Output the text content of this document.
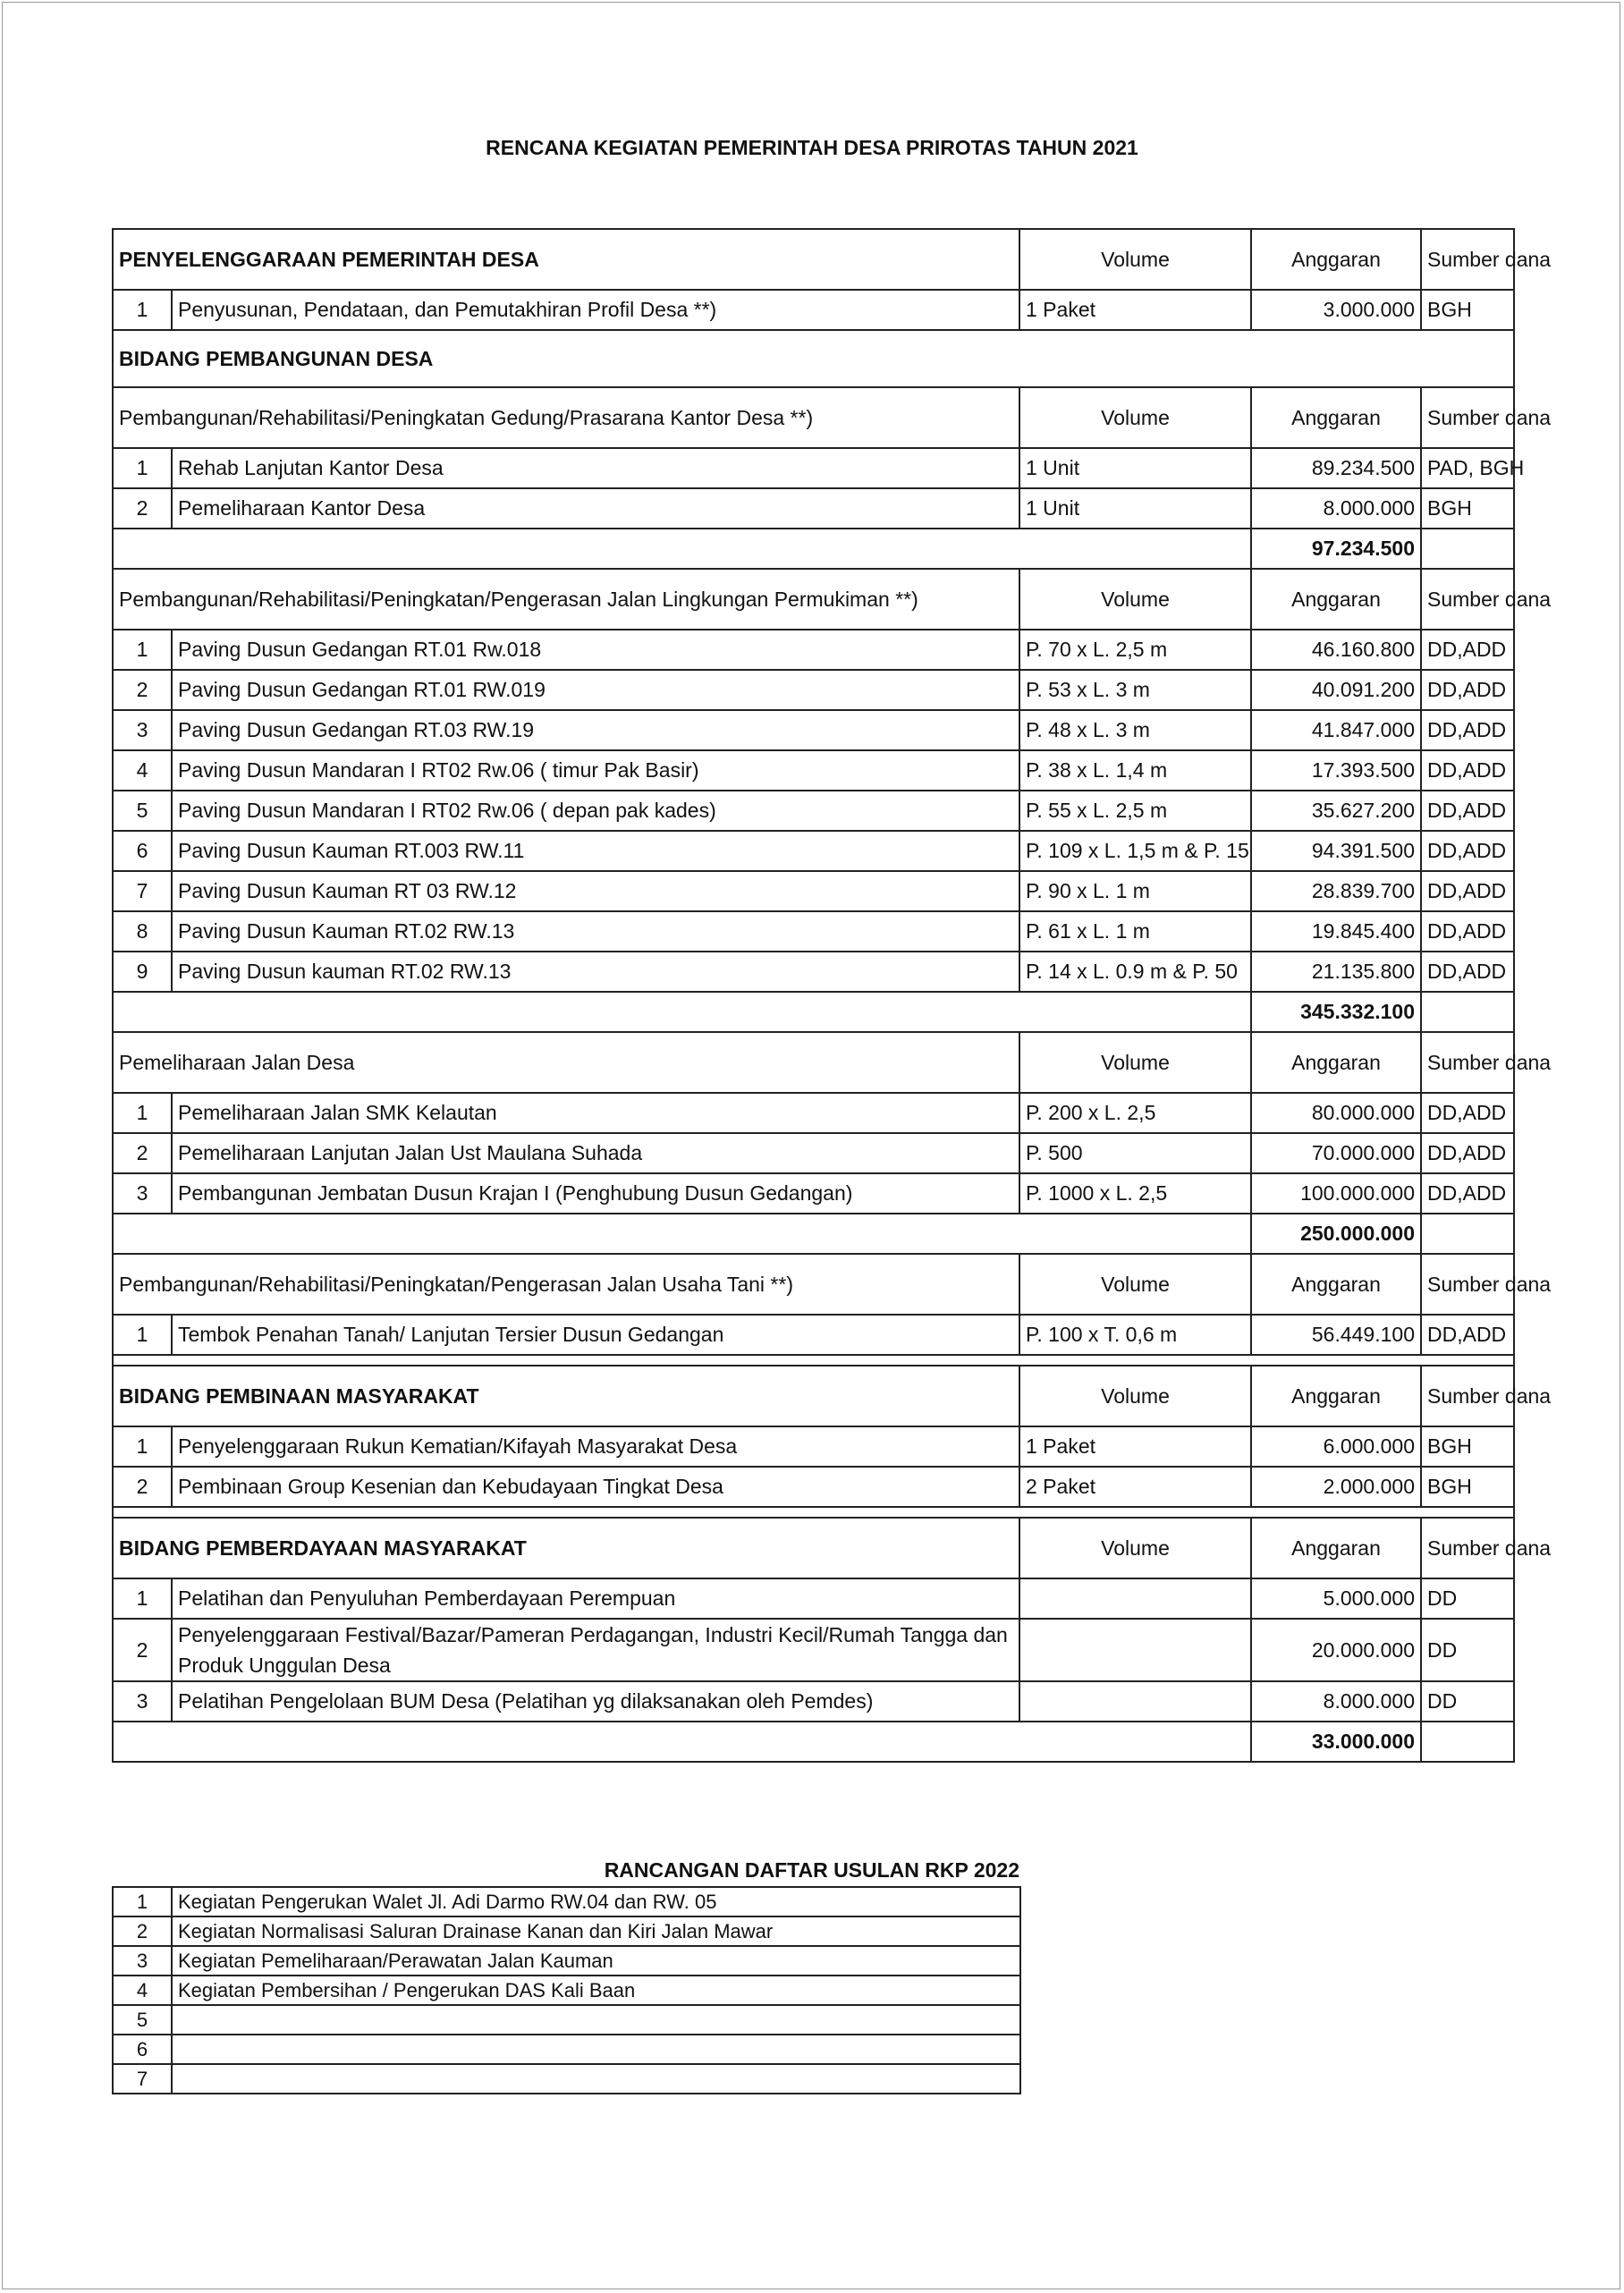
RENCANA KEGIATAN PEMERINTAH DESA PRIROTAS TAHUN 2021
PENYELENGGARAAN PEMERINTAH DESA		Volume	Anggaran	Sumber dana
1	Penyusunan, Pendataan, dan Pemutakhiran Profil Desa **)	1 Paket	3.000.000	BGH
BIDANG PEMBANGUNAN DESA				
Pembangunan/Rehabilitasi/Peningkatan Gedung/Prasarana Kantor Desa **)		Volume	Anggaran	Sumber dana
1	Rehab Lanjutan Kantor Desa	1 Unit	89.234.500	PAD, BGH
2	Pemeliharaan Kantor Desa	1 Unit	8.000.000	BGH
			97.234.500	
Pembangunan/Rehabilitasi/Peningkatan/Pengerasan Jalan Lingkungan Permukiman **)		Volume	Anggaran	Sumber dana
1	Paving Dusun Gedangan RT.01 Rw.018	P. 70 x L. 2,5 m	46.160.800	DD,ADD
2	Paving Dusun Gedangan RT.01 RW.019	P. 53 x L. 3 m	40.091.200	DD,ADD
3	Paving Dusun Gedangan RT.03 RW.19	P. 48 x L. 3 m	41.847.000	DD,ADD
4	Paving Dusun Mandaran I RT02 Rw.06 ( timur Pak Basir)	P. 38 x L. 1,4 m	17.393.500	DD,ADD
5	Paving Dusun Mandaran I RT02 Rw.06 ( depan pak kades)	P. 55 x L. 2,5 m	35.627.200	DD,ADD
6	Paving Dusun Kauman RT.003 RW.11	P. 109 x L. 1,5 m & P. 15	94.391.500	DD,ADD
7	Paving Dusun Kauman RT 03 RW.12	P. 90 x L. 1 m	28.839.700	DD,ADD
8	Paving Dusun Kauman RT.02 RW.13	P. 61 x L. 1 m	19.845.400	DD,ADD
9	Paving Dusun kauman RT.02 RW.13	P. 14 x L. 0.9 m & P. 50	21.135.800	DD,ADD
			345.332.100	
Pemeliharaan Jalan Desa		Volume	Anggaran	Sumber dana
1	Pemeliharaan Jalan SMK Kelautan	P. 200 x L. 2,5	80.000.000	DD,ADD
2	Pemeliharaan Lanjutan Jalan Ust Maulana Suhada	P. 500	70.000.000	DD,ADD
3	Pembangunan Jembatan Dusun Krajan I (Penghubung Dusun Gedangan)	P. 1000 x L. 2,5	100.000.000	DD,ADD
			250.000.000	
Pembangunan/Rehabilitasi/Peningkatan/Pengerasan Jalan Usaha Tani **)		Volume	Anggaran	Sumber dana
1	Tembok Penahan Tanah/ Lanjutan Tersier Dusun Gedangan	P. 100 x T. 0,6 m	56.449.100	DD,ADD

BIDANG PEMBINAAN MASYARAKAT		Volume	Anggaran	Sumber dana
1	Penyelenggaraan Rukun Kematian/Kifayah Masyarakat Desa	1 Paket	6.000.000	BGH
2	Pembinaan Group Kesenian dan Kebudayaan Tingkat Desa	2 Paket	2.000.000	BGH

BIDANG PEMBERDAYAAN MASYARAKAT		Volume	Anggaran	Sumber dana
1	Pelatihan dan Penyuluhan Pemberdayaan Perempuan		5.000.000	DD
2	Penyelenggaraan Festival/Bazar/Pameran Perdagangan, Industri Kecil/Rumah Tangga dan Produk Unggulan Desa		20.000.000	DD
3	Pelatihan Pengelolaan BUM Desa (Pelatihan yg dilaksanakan oleh Pemdes)		8.000.000	DD
			33.000.000	
RANCANGAN DAFTAR USULAN RKP 2022
1	Kegiatan Pengerukan Walet Jl. Adi Darmo RW.04 dan RW. 05
2	Kegiatan Normalisasi Saluran Drainase Kanan dan Kiri Jalan Mawar
3	Kegiatan Pemeliharaan/Perawatan Jalan Kauman
4	Kegiatan Pembersihan / Pengerukan DAS Kali Baan
5	
6	
7	
